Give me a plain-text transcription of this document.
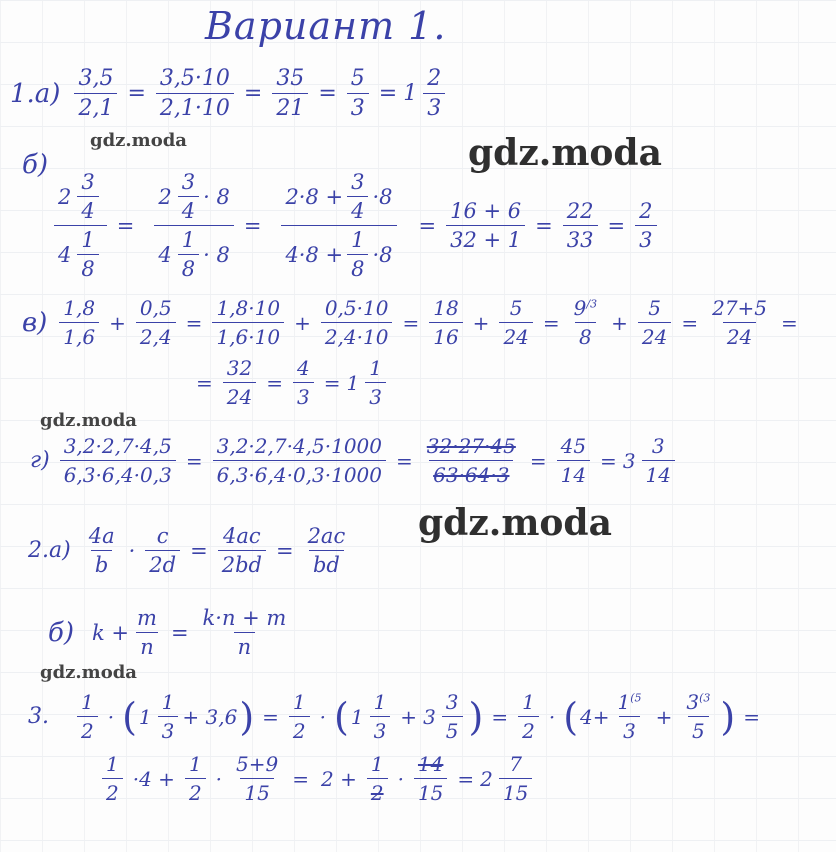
Вариант 1.
$1.а) \frac{3,5}{2,1} = \frac{3,5\cdot 10}{2,1\cdot 10} = \frac{35}{21} = \frac{5}{3} = 1 \frac{2}{3}$
gdz.moda	gdz.moda
б)
$\frac{2 \frac{3}{4}}{4 \frac{1}{8}} = \frac{2 \frac{3}{4} \cdot 8}{4 \frac{1}{8} \cdot 8} = \frac{2\cdot 8 + \frac{3}{4} \cdot 8}{4\cdot 8 + \frac{1}{8} \cdot 8} = \frac{16 + 6}{32 + 1} = \frac{22}{33} = \frac{2}{3}$
$в) \frac{1,8}{1,6} + \frac{0,5}{2,4} = \frac{1,8\cdot 10}{1,6\cdot 10} + \frac{0,5\cdot 10}{2,4\cdot 10} = \frac{18}{16} + \frac{5}{24} = \frac{9^{/3}}{8} + \frac{5}{24} = \frac{27+5}{24}$ =
= $\frac{32}{24} = \frac{4}{3} = 1 \frac{1}{3}$
gdz.moda
$г) \frac{3,2\cdot 2,7\cdot 4,5}{6,3\cdot 6,4\cdot 0,3} = \frac{3,2\cdot 2,7\cdot 4,5\cdot 1000}{6,3\cdot 6,4\cdot 0,3\cdot 1000} = \frac{32\cdot 27\cdot 45}{63\cdot 64\cdot 3} = \frac{45}{14} = 3 \frac{3}{14}$
gdz.moda
$2.а) \frac{4a}{b} \cdot \frac{c}{2d} = \frac{4ac}{2bd} = \frac{2ac}{bd}$
б) $k + \frac{m}{n} = \frac{k\cdot n + m}{n}$
gdz.moda
3. $\frac{1}{2}$ · ( $1 \frac{1}{3} + 3,6$ ) = $\frac{1}{2}$ · ( $1 \frac{1}{3} + 3 \frac{3}{5}$ ) = $\frac{1}{2}$ · ( $4+ \frac{1^{(5}}{3} + \frac{3^{(3}}{5}$ ) =
$\frac{1}{2} \cdot 4 + \frac{1}{2} \cdot \frac{5+9}{15} = 2 + \frac{1}{2} \cdot \frac{14}{15} = 2 \frac{7}{15}$
